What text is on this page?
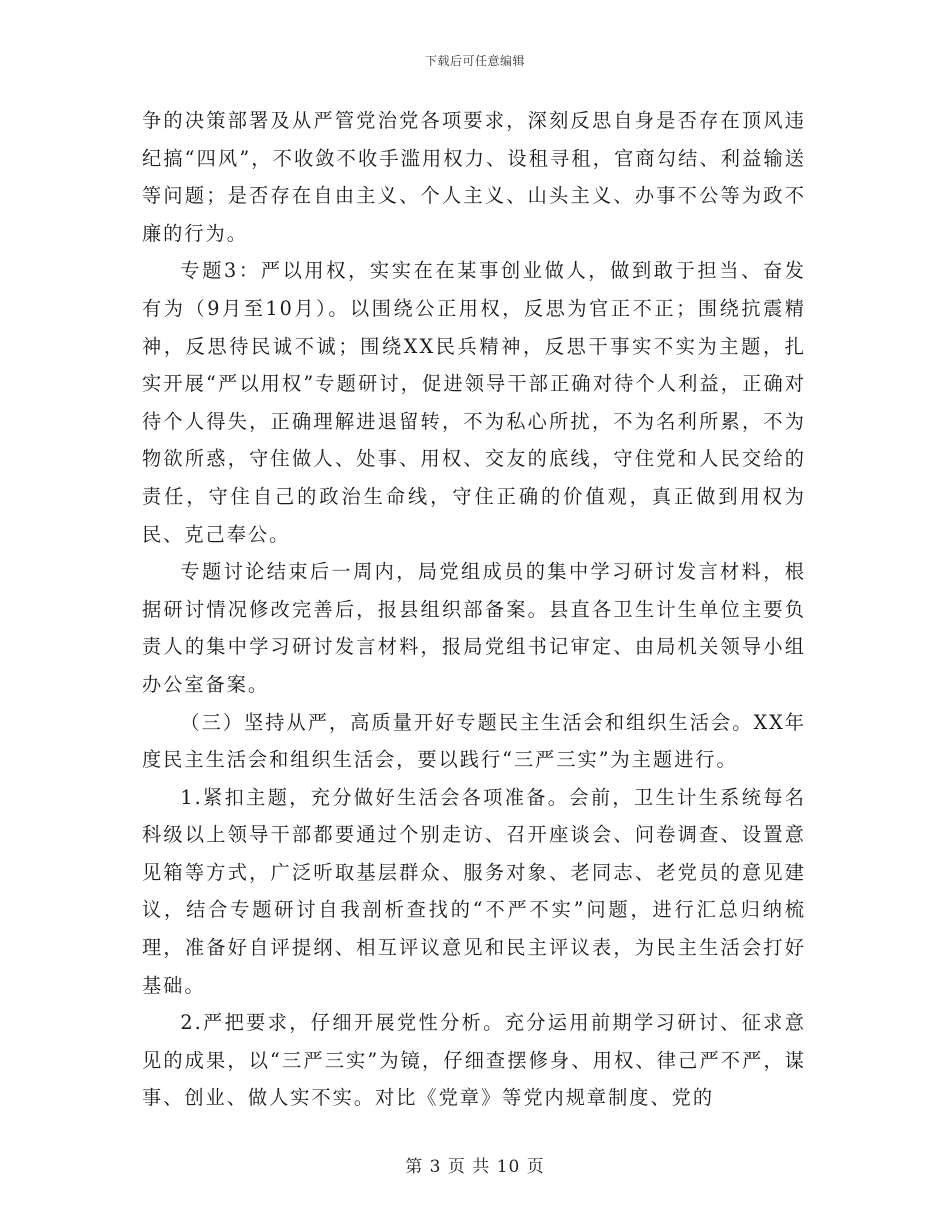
下载后可任意编辑

争的决策部署及从严管党治党各项要求，深刻反思自身是否存在顶风违纪搞“四风”，不收敛不收手滥用权力、设租寻租，官商勾结、利益输送等问题；是否存在自由主义、个人主义、山头主义、办事不公等为政不廉的行为。

专题3：严以用权，实实在在某事创业做人，做到敢于担当、奋发有为（9月至10月）。以围绕公正用权，反思为官正不正；围绕抗震精神，反思待民诚不诚；围绕XX民兵精神，反思干事实不实为主题，扎实开展“严以用权”专题研讨，促进领导干部正确对待个人利益，正确对待个人得失，正确理解进退留转，不为私心所扰，不为名利所累，不为物欲所惑，守住做人、处事、用权、交友的底线，守住党和人民交给的责任，守住自己的政治生命线，守住正确的价值观，真正做到用权为民、克己奉公。

专题讨论结束后一周内，局党组成员的集中学习研讨发言材料，根据研讨情况修改完善后，报县组织部备案。县直各卫生计生单位主要负责人的集中学习研讨发言材料，报局党组书记审定、由局机关领导小组办公室备案。

（三）坚持从严，高质量开好专题民主生活会和组织生活会。XX年度民主生活会和组织生活会，要以践行“三严三实”为主题进行。

1.紧扣主题，充分做好生活会各项准备。会前，卫生计生系统每名科级以上领导干部都要通过个别走访、召开座谈会、问卷调查、设置意见箱等方式，广泛听取基层群众、服务对象、老同志、老党员的意见建议，结合专题研讨自我剖析查找的“不严不实”问题，进行汇总归纳梳理，准备好自评提纲、相互评议意见和民主评议表，为民主生活会打好基础。

2.严把要求，仔细开展党性分析。充分运用前期学习研讨、征求意见的成果，以“三严三实”为镜，仔细查摆修身、用权、律己严不严，谋事、创业、做人实不实。对比《党章》等党内规章制度、党的

第 3 页 共 10 页
